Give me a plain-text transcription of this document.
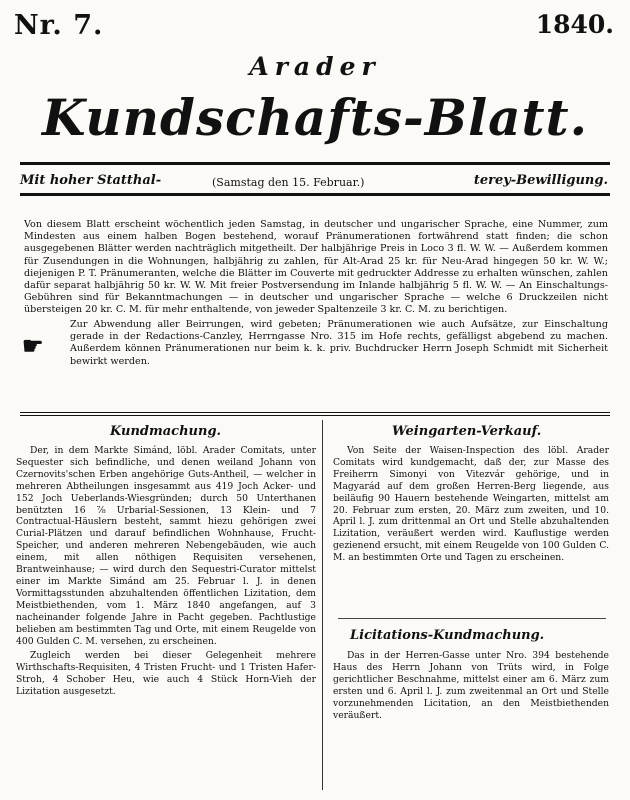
Nr. 7.	1840.
Arader
Kundschafts-Blatt.
Mit hoher Statthal-	(Samstag den 15. Februar.)	terey-Bewilligung.
Von diesem Blatt erscheint wöchentlich jeden Samstag, in deutscher und ungarischer Sprache, eine Nummer, zum Mindesten aus einem halben Bogen bestehend, worauf Pränumerationen fortwährend statt finden; die schon ausgegebenen Blätter werden nachträglich mitgetheilt. Der halbjährige Preis in Loco 3 fl. W. W. — Außerdem kommen für Zusendungen in die Wohnungen, halbjährig zu zahlen, für Alt-Arad 25 kr. für Neu-Arad hingegen 50 kr. W. W.; diejenigen P. T. Pränumeranten, welche die Blätter im Couverte mit gedruckter Addresse zu erhalten wünschen, zahlen dafür separat halbjährig 50 kr. W. W. Mit freier Postversendung im Inlande halbjährig 5 fl. W. W. — An Einschaltungs-Gebühren sind für Bekanntmachungen — in deutscher und ungarischer Sprache — welche 6 Druckzeilen nicht übersteigen 20 kr. C. M. für mehr enthaltende, von jeweder Spaltenzeile 3 kr. C. M. zu berichtigen.
☛
Zur Abwendung aller Beirrungen, wird gebeten; Pränumerationen wie auch Aufsätze, zur Einschaltung gerade in der Redactions-Canzley, Herrngasse Nro. 315 im Hofe rechts, gefälligst abgebend zu machen. Außerdem können Pränumerationen nur beim k. k. priv. Buchdrucker Herrn Joseph Schmidt mit Sicherheit bewirkt werden.
Kundmachung.

Der, in dem Markte Simánd, löbl. Arader Comitats, unter Sequester sich befindliche, und denen weiland Johann von Czernovits'schen Erben angehörige Guts-Antheil, — welcher in mehreren Abtheilungen insgesammt aus 419 Joch Acker- und 152 Joch Ueberlands-Wiesgründen; durch 50 Unterthanen benützten 16 ⅞ Urbarial-Sessionen, 13 Klein- und 7 Contractual-Häuslern besteht, sammt hiezu gehörigen zwei Curial-Plätzen und darauf befindlichen Wohnhause, Frucht-Speicher, und anderen mehreren Nebengebäuden, wie auch einem, mit allen nöthigen Requisiten versehenen, Brantweinhause; — wird durch den Sequestri-Curator mittelst einer im Markte Simánd am 25. Februar l. J. in denen Vormittagsstunden abzuhaltenden öffentlichen Lizitation, dem Meistbiethenden, vom 1. März 1840 angefangen, auf 3 nacheinander folgende Jahre in Pacht gegeben. Pachtlustige belieben am bestimmten Tag und Orte, mit einem Reugelde von 400 Gulden C. M. versehen, zu erscheinen.

Zugleich werden bei dieser Gelegenheit mehrere Wirthschafts-Requisiten, 4 Tristen Frucht- und 1 Tristen Hafer-Stroh, 4 Schober Heu, wie auch 4 Stück Horn-Vieh der Lizitation ausgesetzt.

Weingarten-Verkauf.

Von Seite der Waisen-Inspection des löbl. Arader Comitats wird kundgemacht, daß der, zur Masse des Freiherrn Simonyi von Vitezvár gehörige, und in Magyarád auf dem großen Herren-Berg liegende, aus beiläufig 90 Hauern bestehende Weingarten, mittelst am 20. Februar zum ersten, 20. März zum zweiten, und 10. April l. J. zum drittenmal an Ort und Stelle abzuhaltenden Lizitation, veräußert werden wird. Kauflustige werden gezienend ersucht, mit einem Reugelde von 100 Gulden C. M. an bestimmten Orte und Tagen zu erscheinen.

Licitations-Kundmachung.

Das in der Herren-Gasse unter Nro. 394 bestehende Haus des Herrn Johann von Trüts wird, in Folge gerichtlicher Beschnahme, mittelst einer am 6. März zum ersten und 6. April l. J. zum zweitenmal an Ort und Stelle vorzunehmenden Licitation, an den Meistbiethenden veräußert.
